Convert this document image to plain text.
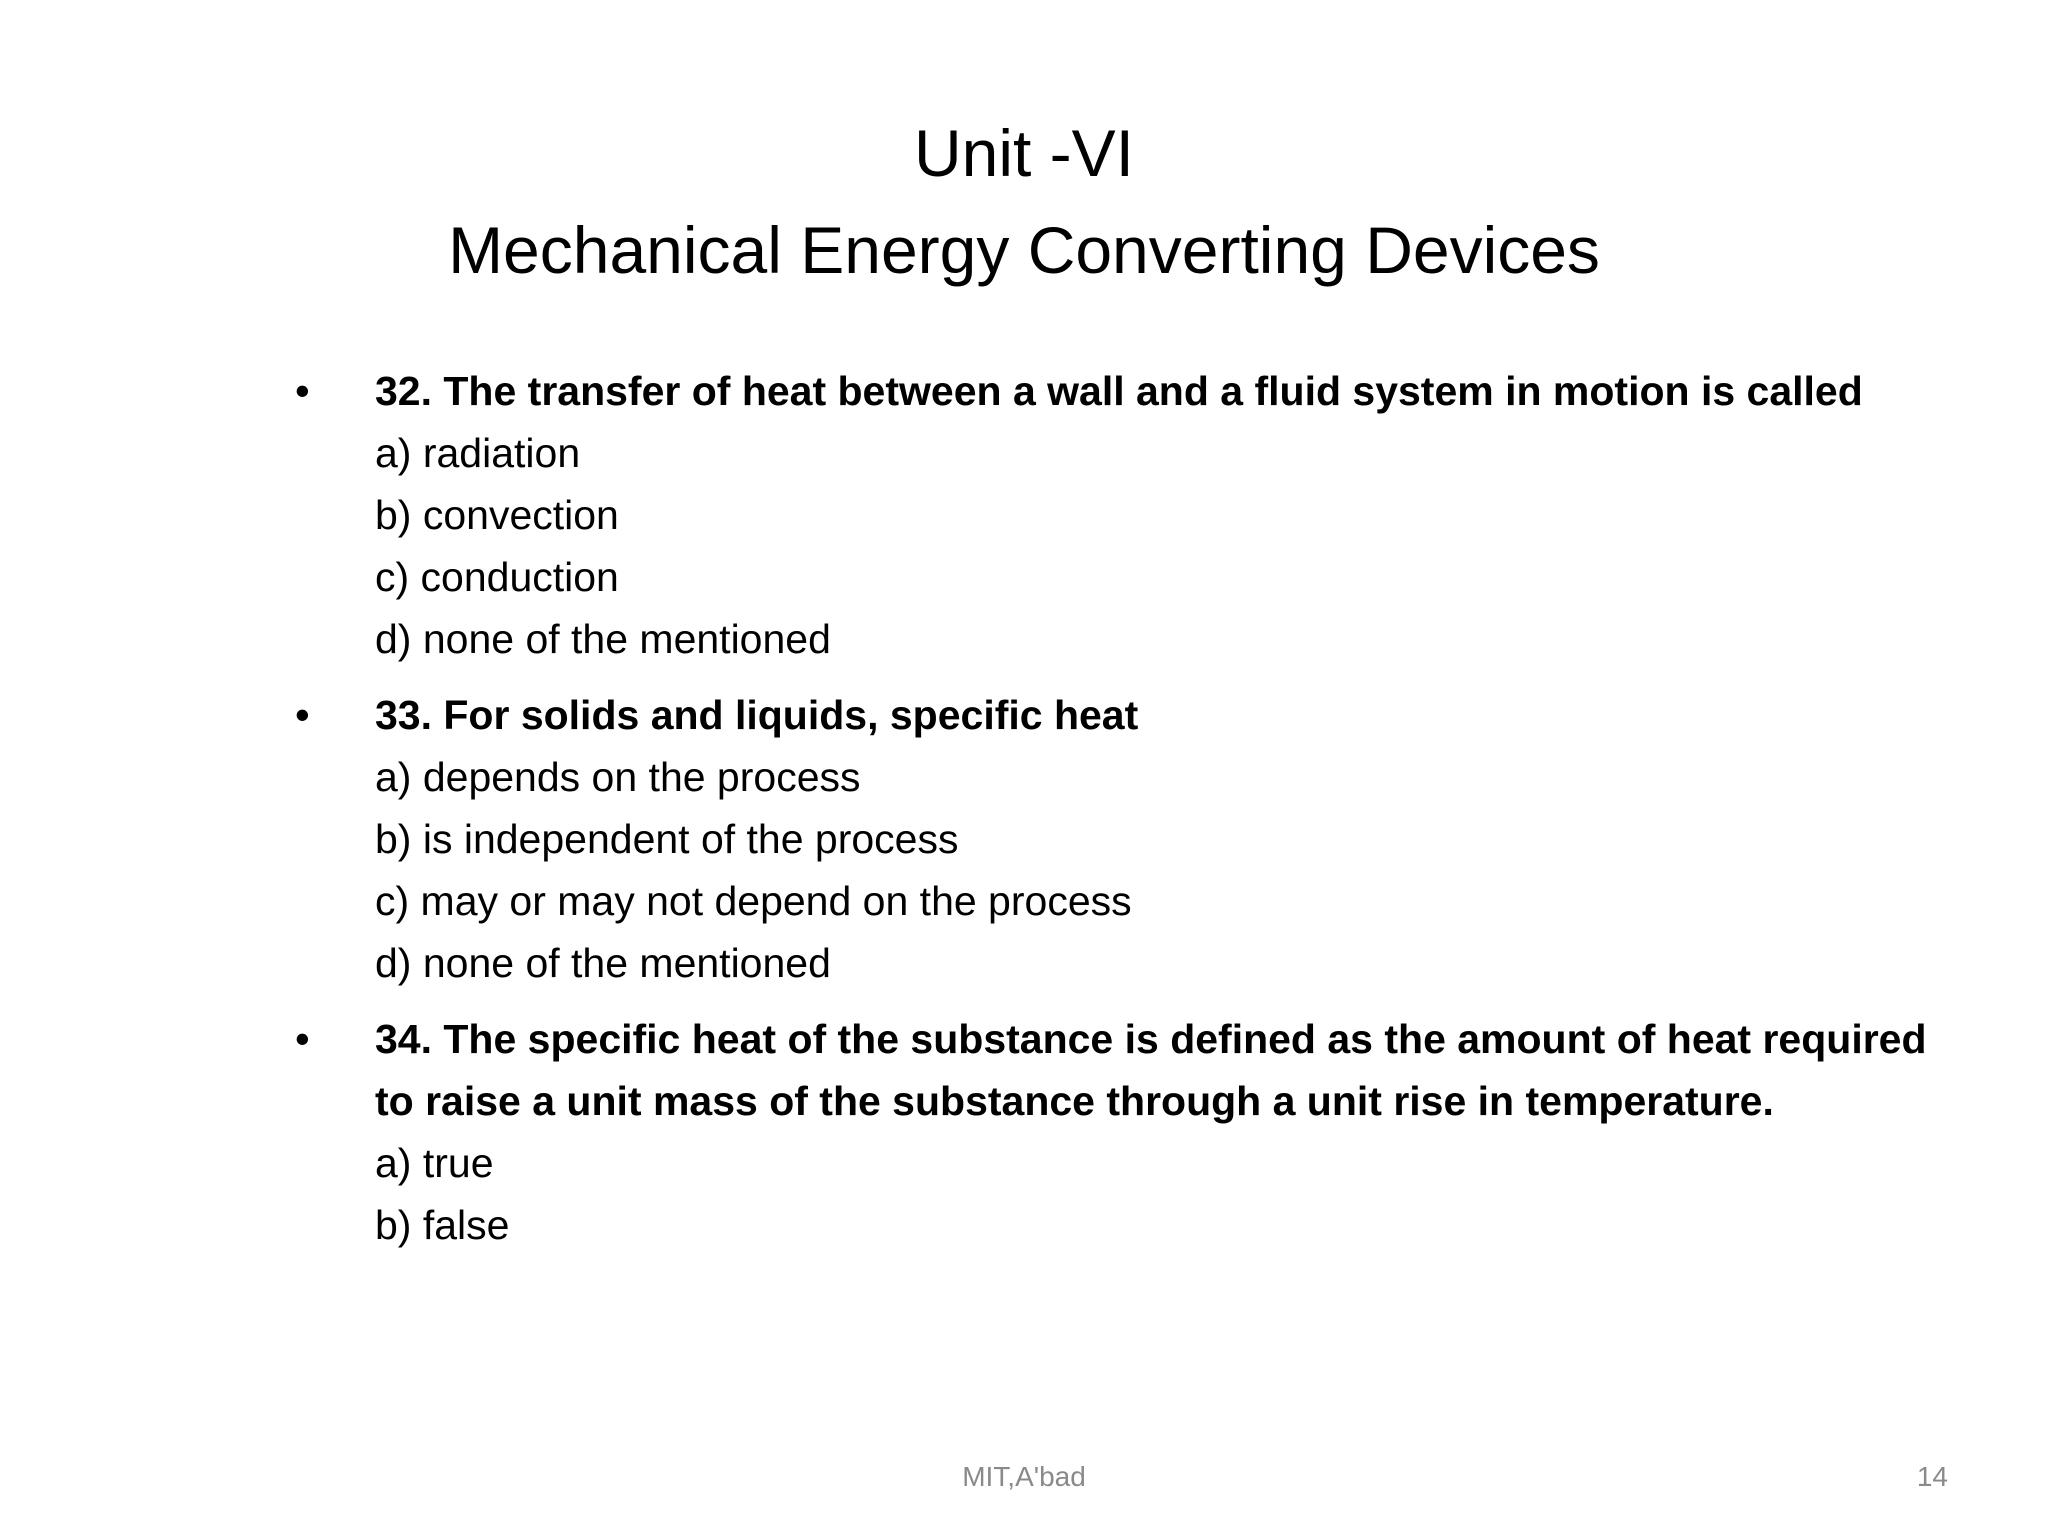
Unit -VI
Mechanical Energy Converting Devices
• 32. The transfer of heat between a wall and a fluid system in motion is called
a) radiation
b) convection
c) conduction
d) none of the mentioned
• 33. For solids and liquids, specific heat
a) depends on the process
b) is independent of the process
c) may or may not depend on the process
d) none of the mentioned
• 34. The specific heat of the substance is defined as the amount of heat required to raise a unit mass of the substance through a unit rise in temperature.
a) true
b) false
MIT,A'bad	14
